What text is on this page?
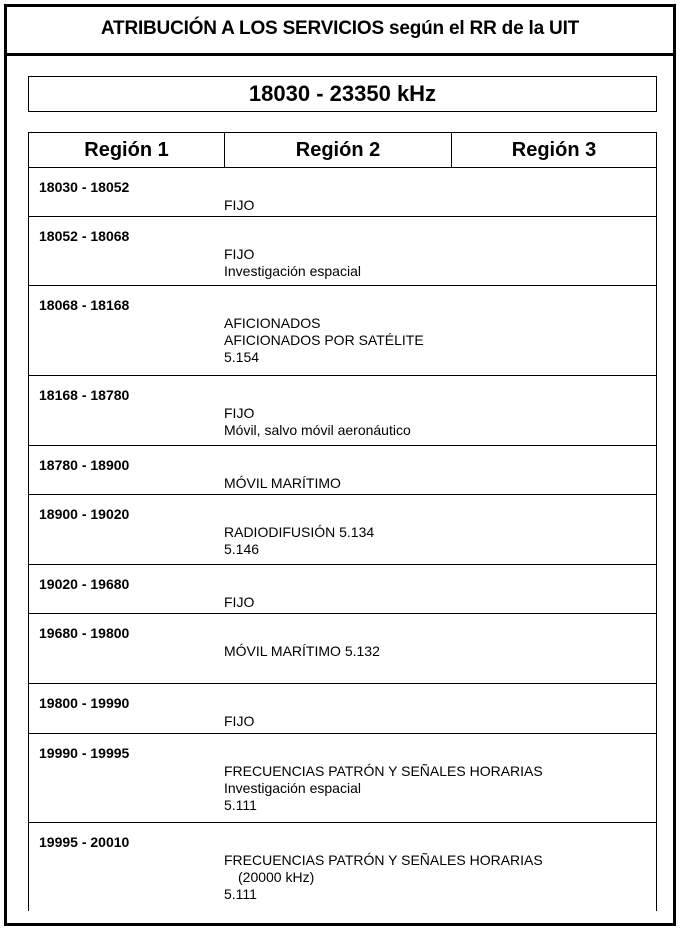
ATRIBUCIÓN A LOS SERVICIOS según el RR de la UIT
18030 - 23350 kHz
Región 1	Región 2	Región 3
18030 - 18052
FIJO
18052 - 18068
FIJO
Investigación espacial
18068 - 18168
AFICIONADOS
AFICIONADOS POR SATÉLITE
5.154
18168 - 18780
FIJO
Móvil, salvo móvil aeronáutico
18780 - 18900
MÓVIL MARÍTIMO
18900 - 19020
RADIODIFUSIÓN 5.134
5.146
19020 - 19680
FIJO
19680 - 19800
MÓVIL MARÍTIMO 5.132
19800 - 19990
FIJO
19990 - 19995
FRECUENCIAS PATRÓN Y SEÑALES HORARIAS
Investigación espacial
5.111
19995 - 20010
FRECUENCIAS PATRÓN Y SEÑALES HORARIAS
(20000 kHz)
5.111
